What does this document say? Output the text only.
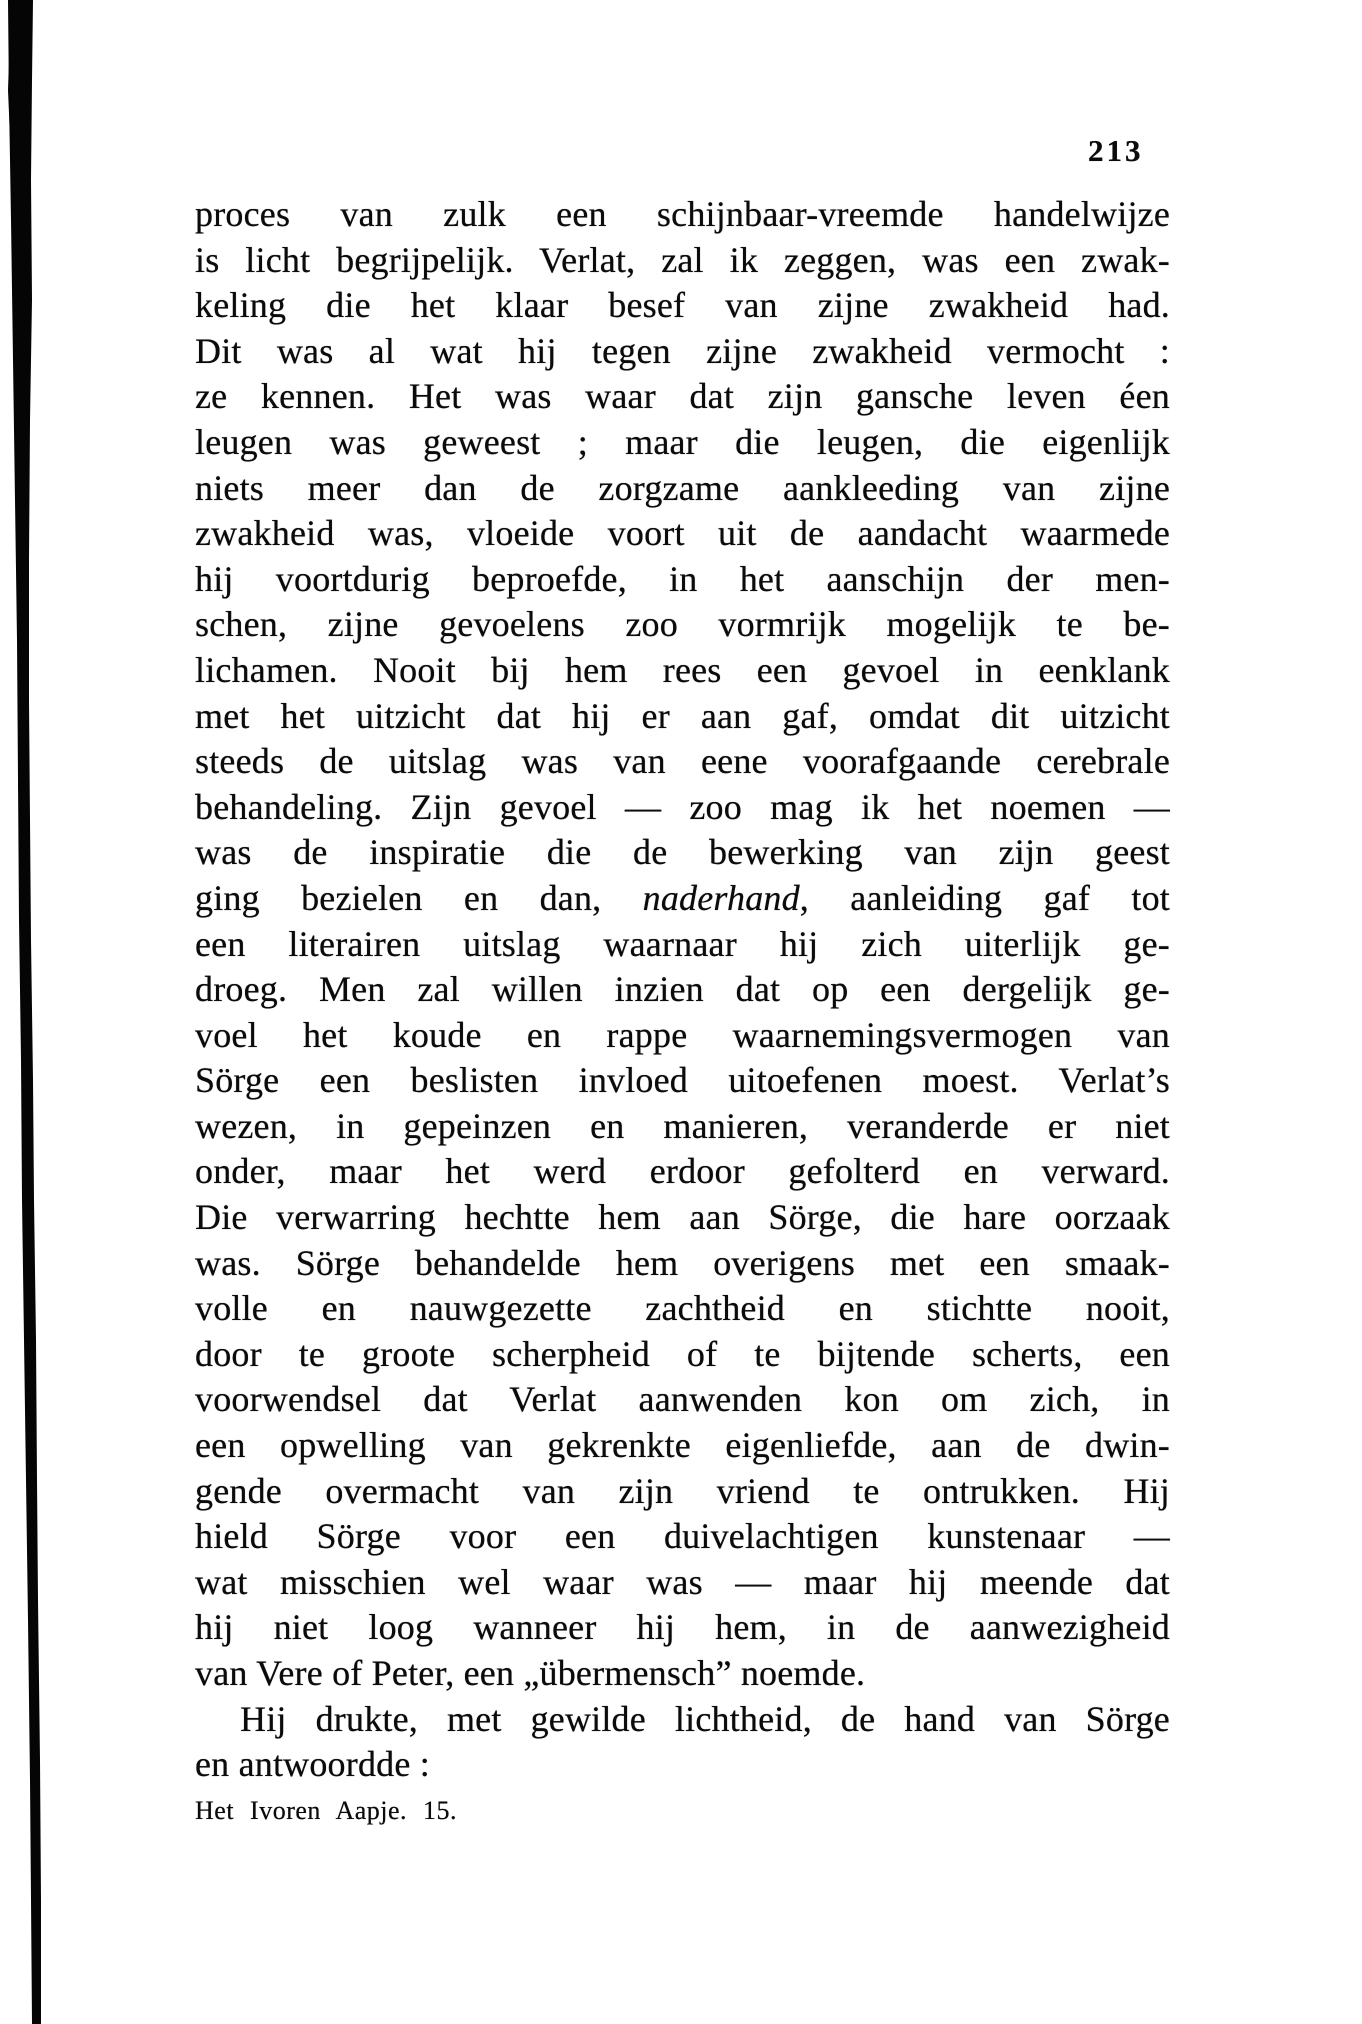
213
proces van zulk een schijnbaar-vreemde handelwijze
is licht begrijpelijk. Verlat, zal ik zeggen, was een zwak-
keling die het klaar besef van zijne zwakheid had.
Dit was al wat hij tegen zijne zwakheid vermocht :
ze kennen. Het was waar dat zijn gansche leven éen
leugen was geweest ; maar die leugen, die eigenlijk
niets meer dan de zorgzame aankleeding van zijne
zwakheid was, vloeide voort uit de aandacht waarmede
hij voortdurig beproefde, in het aanschijn der men-
schen, zijne gevoelens zoo vormrijk mogelijk te be-
lichamen. Nooit bij hem rees een gevoel in eenklank
met het uitzicht dat hij er aan gaf, omdat dit uitzicht
steeds de uitslag was van eene voorafgaande cerebrale
behandeling. Zijn gevoel — zoo mag ik het noemen —
was de inspiratie die de bewerking van zijn geest
ging bezielen en dan, naderhand, aanleiding gaf tot
een literairen uitslag waarnaar hij zich uiterlijk ge-
droeg. Men zal willen inzien dat op een dergelijk ge-
voel het koude en rappe waarnemingsvermogen van
Sörge een beslisten invloed uitoefenen moest. Verlat’s
wezen, in gepeinzen en manieren, veranderde er niet
onder, maar het werd erdoor gefolterd en verward.
Die verwarring hechtte hem aan Sörge, die hare oorzaak
was. Sörge behandelde hem overigens met een smaak-
volle en nauwgezette zachtheid en stichtte nooit,
door te groote scherpheid of te bijtende scherts, een
voorwendsel dat Verlat aanwenden kon om zich, in
een opwelling van gekrenkte eigenliefde, aan de dwin-
gende overmacht van zijn vriend te ontrukken. Hij
hield Sörge voor een duivelachtigen kunstenaar —
wat misschien wel waar was — maar hij meende dat
hij niet loog wanneer hij hem, in de aanwezigheid
van Vere of Peter, een „übermensch” noemde.
Hij drukte, met gewilde lichtheid, de hand van Sörge
en antwoordde :
Het Ivoren Aapje. 15.
